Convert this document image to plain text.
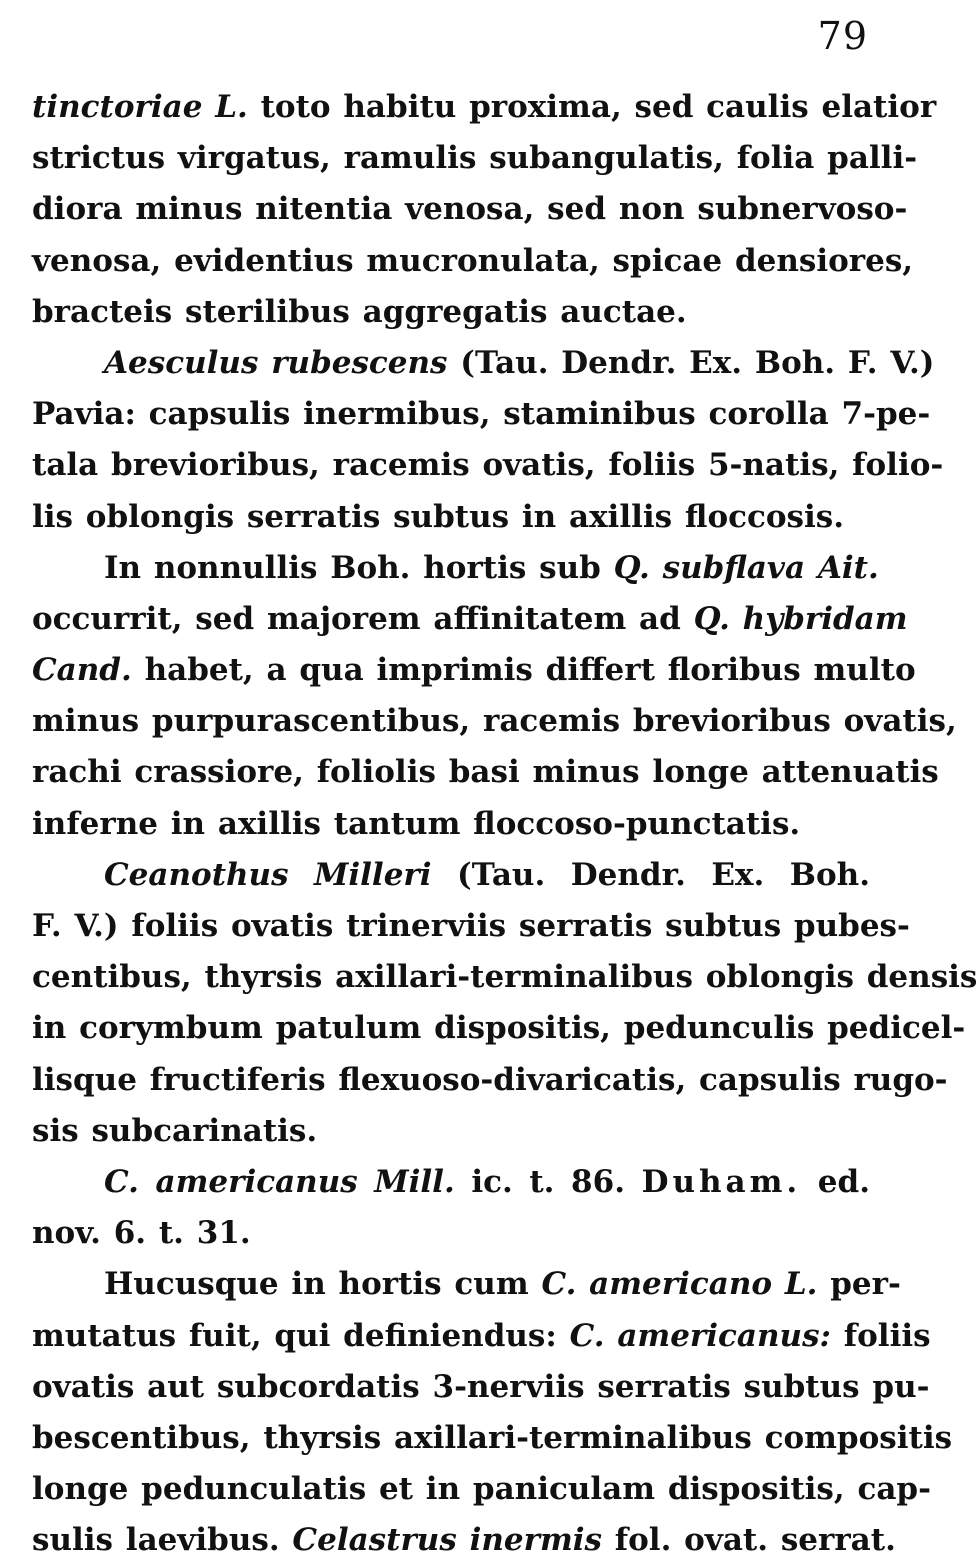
79
tinctoriae L. toto habitu proxima, sed caulis elatior
strictus virgatus, ramulis subangulatis, folia palli-
diora minus nitentia venosa, sed non subnervoso-
venosa, evidentius mucronulata, spicae densiores,
bracteis sterilibus aggregatis auctae.
Aesculus rubescens (Tau. Dendr. Ex. Boh. F. V.)
Pavia: capsulis inermibus, staminibus corolla 7-pe-
tala brevioribus, racemis ovatis, foliis 5-natis, folio-
lis oblongis serratis subtus in axillis floccosis.
In nonnullis Boh. hortis sub Q. subflava Ait.
occurrit, sed majorem affinitatem ad Q. hybridam
Cand. habet, a qua imprimis differt floribus multo
minus purpurascentibus, racemis brevioribus ovatis,
rachi crassiore, foliolis basi minus longe attenuatis
inferne in axillis tantum floccoso-punctatis.
Ceanothus Milleri (Tau. Dendr. Ex. Boh.
F. V.) foliis ovatis trinerviis serratis subtus pubes-
centibus, thyrsis axillari-terminalibus oblongis densis
in corymbum patulum dispositis, pedunculis pedicel-
lisque fructiferis flexuoso-divaricatis, capsulis rugo-
sis subcarinatis.
C. americanus Mill. ic. t. 86. Duham. ed.
nov. 6. t. 31.
Hucusque in hortis cum C. americano L. per-
mutatus fuit, qui definiendus: C. americanus: foliis
ovatis aut subcordatis 3-nerviis serratis subtus pu-
bescentibus, thyrsis axillari-terminalibus compositis
longe pedunculatis et in paniculam dispositis, cap-
sulis laevibus. Celastrus inermis fol. ovat. serrat.
